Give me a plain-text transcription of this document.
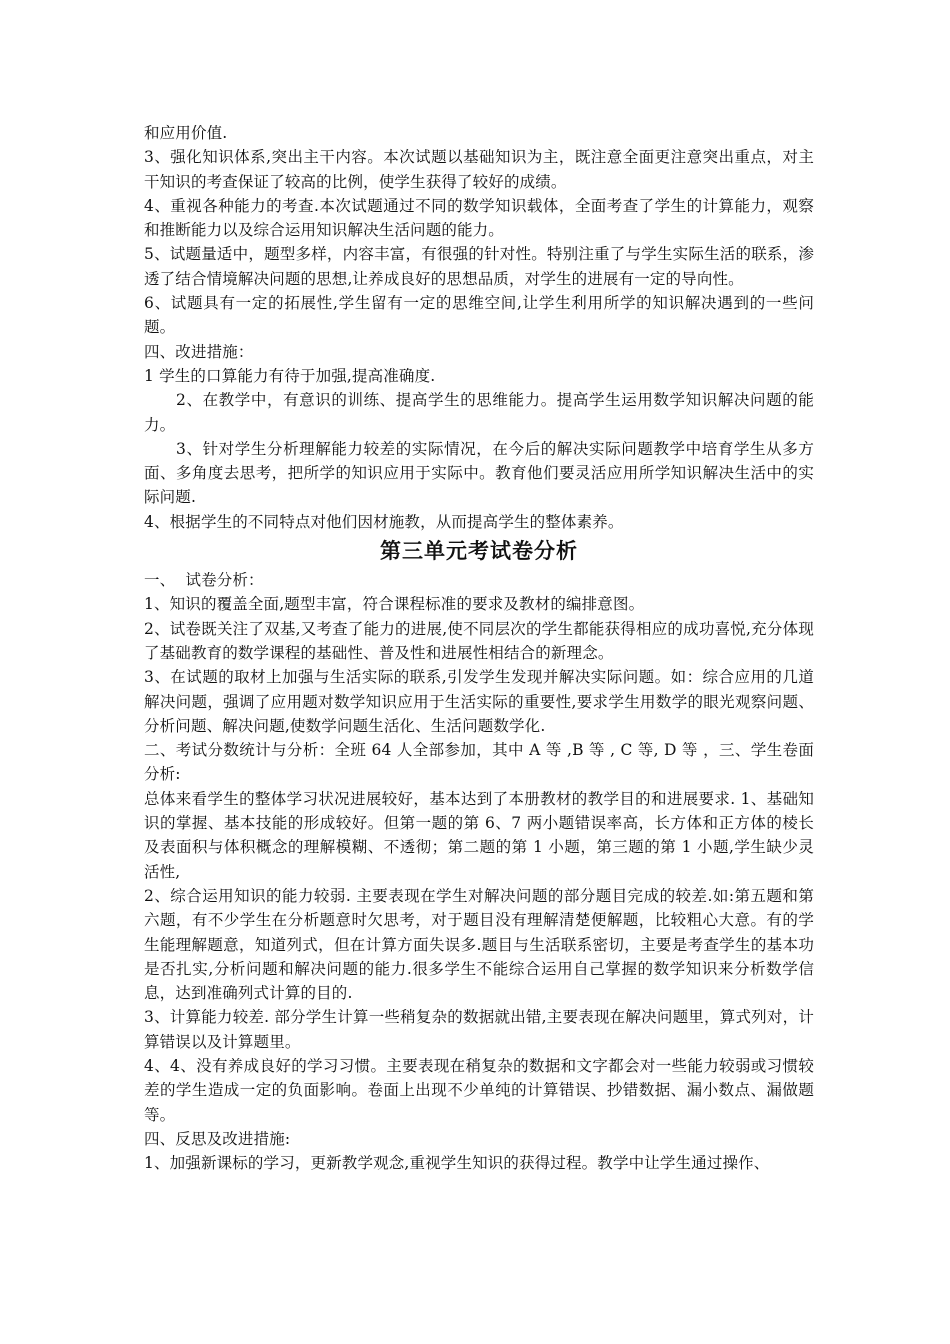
和应用价值.

3、强化知识体系,突出主干内容。本次试题以基础知识为主，既注意全面更注意突出重点，对主干知识的考查保证了较高的比例，使学生获得了较好的成绩。

4、重视各种能力的考查.本次试题通过不同的数学知识载体，全面考查了学生的计算能力，观察和推断能力以及综合运用知识解决生活问题的能力。

5、试题量适中，题型多样，内容丰富，有很强的针对性。特别注重了与学生实际生活的联系，渗透了结合情境解决问题的思想,让养成良好的思想品质，对学生的进展有一定的导向性。

6、试题具有一定的拓展性,学生留有一定的思维空间,让学生利用所学的知识解决遇到的一些问题。

四、改进措施：

1 学生的口算能力有待于加强,提高准确度.

2、在教学中，有意识的训练、提高学生的思维能力。提高学生运用数学知识解决问题的能力。

3、针对学生分析理解能力较差的实际情况，在今后的解决实际问题教学中培育学生从多方面、多角度去思考，把所学的知识应用于实际中。教育他们要灵活应用所学知识解决生活中的实际问题.

4、根据学生的不同特点对他们因材施教，从而提高学生的整体素养。

第三单元考试卷分析

一、  试卷分析：

1、知识的覆盖全面,题型丰富，符合课程标准的要求及教材的编排意图。

2、试卷既关注了双基,又考查了能力的进展,使不同层次的学生都能获得相应的成功喜悦,充分体现了基础教育的数学课程的基础性、普及性和进展性相结合的新理念。

3、在试题的取材上加强与生活实际的联系,引发学生发现并解决实际问题。如：综合应用的几道解决问题，强调了应用题对数学知识应用于生活实际的重要性,要求学生用数学的眼光观察问题、分析问题、解决问题,使数学问题生活化、生活问题数学化.

二、考试分数统计与分析：全班 64 人全部参加，其中 A 等 ,B 等 , C 等, D 等 ，三、学生卷面分析:

总体来看学生的整体学习状况进展较好，基本达到了本册教材的教学目的和进展要求. 1、基础知识的掌握、基本技能的形成较好。但第一题的第 6、7 两小题错误率高，长方体和正方体的棱长及表面积与体积概念的理解模糊、不透彻；第二题的第 1 小题，第三题的第 1 小题,学生缺少灵活性,

2、综合运用知识的能力较弱. 主要表现在学生对解决问题的部分题目完成的较差.如:第五题和第六题，有不少学生在分析题意时欠思考，对于题目没有理解清楚便解题，比较粗心大意。有的学生能理解题意，知道列式，但在计算方面失误多.题目与生活联系密切，主要是考查学生的基本功是否扎实,分析问题和解决问题的能力.很多学生不能综合运用自己掌握的数学知识来分析数学信息，达到准确列式计算的目的.

3、计算能力较差. 部分学生计算一些稍复杂的数据就出错,主要表现在解决问题里，算式列对，计算错误以及计算题里。

4、4、没有养成良好的学习习惯。主要表现在稍复杂的数据和文字都会对一些能力较弱或习惯较差的学生造成一定的负面影响。卷面上出现不少单纯的计算错误、抄错数据、漏小数点、漏做题等。

四、反思及改进措施:

1、加强新课标的学习，更新教学观念,重视学生知识的获得过程。教学中让学生通过操作、
